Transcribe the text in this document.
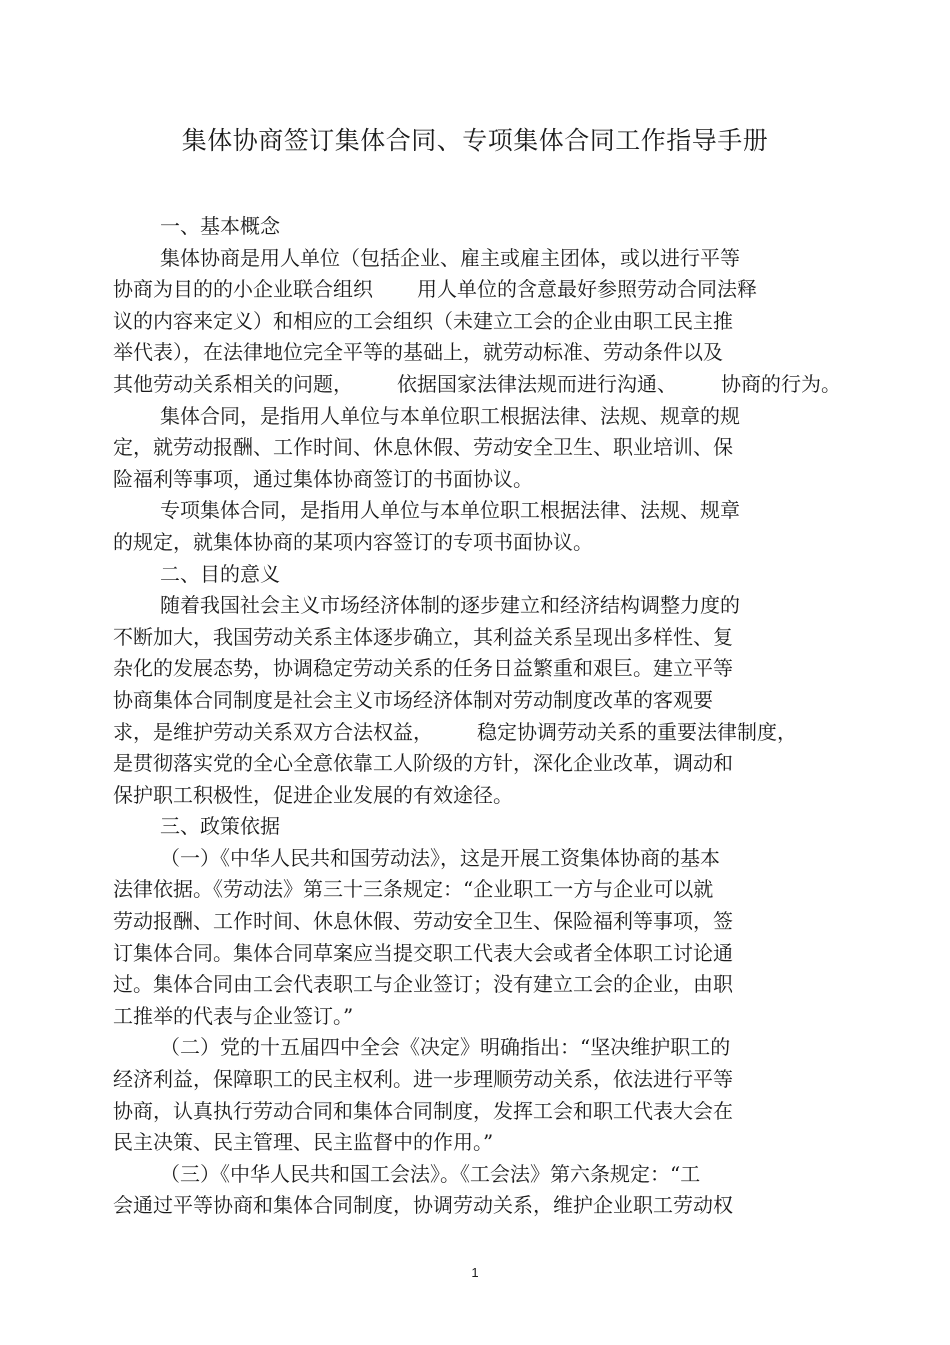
集体协商签订集体合同、专项集体合同工作指导手册
一、基本概念
集体协商是用人单位（包括企业、雇主或雇主团体，或以进行平等
协商为目的的小企业联合组织 用人单位的含意最好参照劳动合同法释
议的内容来定义）和相应的工会组织（未建立工会的企业由职工民主推
举代表），在法律地位完全平等的基础上，就劳动标准、劳动条件以及
其他劳动关系相关的问题， 依据国家法律法规而进行沟通、 协商的行为。
集体合同，是指用人单位与本单位职工根据法律、法规、规章的规
定，就劳动报酬、工作时间、休息休假、劳动安全卫生、职业培训、保
险福利等事项，通过集体协商签订的书面协议。
专项集体合同，是指用人单位与本单位职工根据法律、法规、规章
的规定，就集体协商的某项内容签订的专项书面协议。
二、目的意义
随着我国社会主义市场经济体制的逐步建立和经济结构调整力度的
不断加大，我国劳动关系主体逐步确立，其利益关系呈现出多样性、复
杂化的发展态势，协调稳定劳动关系的任务日益繁重和艰巨。建立平等
协商集体合同制度是社会主义市场经济体制对劳动制度改革的客观要
求，是维护劳动关系双方合法权益， 稳定协调劳动关系的重要法律制度，
是贯彻落实党的全心全意依靠工人阶级的方针，深化企业改革，调动和
保护职工积极性，促进企业发展的有效途径。
三、政策依据
（一）《中华人民共和国劳动法》，这是开展工资集体协商的基本
法律依据。《劳动法》第三十三条规定：“企业职工一方与企业可以就
劳动报酬、工作时间、休息休假、劳动安全卫生、保险福利等事项，签
订集体合同。集体合同草案应当提交职工代表大会或者全体职工讨论通
过。集体合同由工会代表职工与企业签订；没有建立工会的企业，由职
工推举的代表与企业签订。”
（二）党的十五届四中全会《决定》明确指出：“坚决维护职工的
经济利益，保障职工的民主权利。进一步理顺劳动关系，依法进行平等
协商，认真执行劳动合同和集体合同制度，发挥工会和职工代表大会在
民主决策、民主管理、民主监督中的作用。”
（三）《中华人民共和国工会法》。《工会法》第六条规定：“工
会通过平等协商和集体合同制度，协调劳动关系，维护企业职工劳动权
1
